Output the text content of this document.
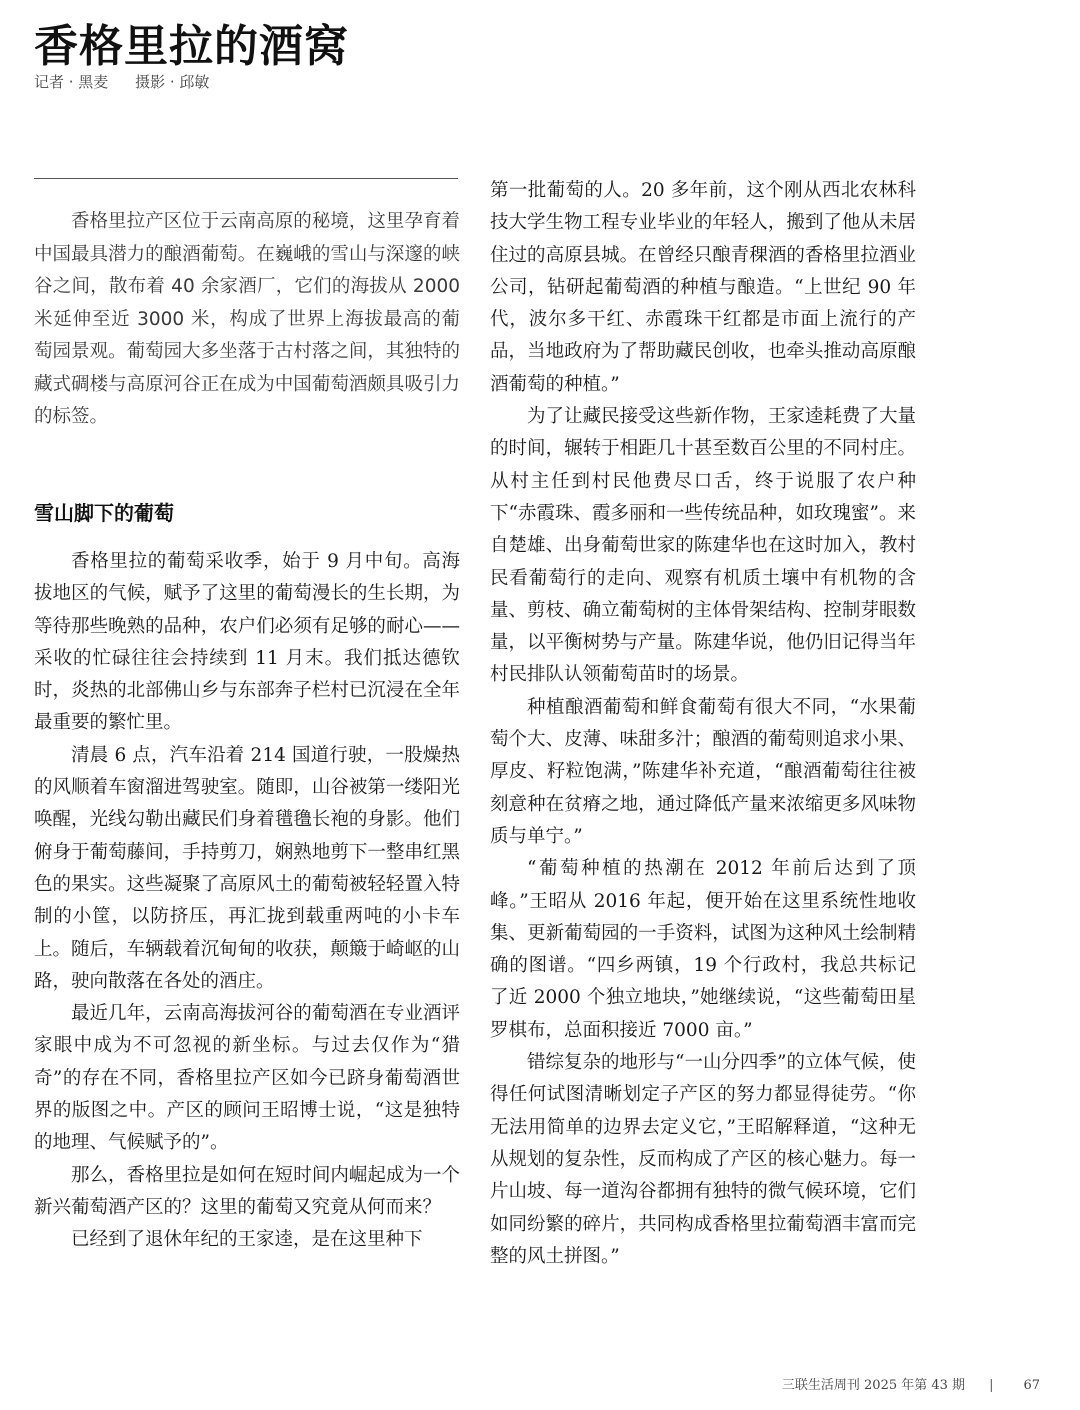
香格里拉的酒窝
记者 · 黑麦 摄影 · 邱敏

香格里拉产区位于云南高原的秘境，这里孕育着中国最具潜力的酿酒葡萄。在巍峨的雪山与深邃的峡谷之间，散布着 40 余家酒厂，它们的海拔从 2000 米延伸至近 3000 米，构成了世界上海拔最高的葡萄园景观。葡萄园大多坐落于古村落之间，其独特的藏式碉楼与高原河谷正在成为中国葡萄酒颇具吸引力的标签。

雪山脚下的葡萄

香格里拉的葡萄采收季，始于 9 月中旬。高海拔地区的气候，赋予了这里的葡萄漫长的生长期，为等待那些晚熟的品种，农户们必须有足够的耐心——采收的忙碌往往会持续到 11 月末。我们抵达德钦时，炎热的北部佛山乡与东部奔子栏村已沉浸在全年最重要的繁忙里。

清晨 6 点，汽车沿着 214 国道行驶，一股燥热的风顺着车窗溜进驾驶室。随即，山谷被第一缕阳光唤醒，光线勾勒出藏民们身着氆氇长袍的身影。他们俯身于葡萄藤间，手持剪刀，娴熟地剪下一整串红黑色的果实。这些凝聚了高原风土的葡萄被轻轻置入特制的小筐，以防挤压，再汇拢到载重两吨的小卡车上。随后，车辆载着沉甸甸的收获，颠簸于崎岖的山路，驶向散落在各处的酒庄。

最近几年，云南高海拔河谷的葡萄酒在专业酒评家眼中成为不可忽视的新坐标。与过去仅作为“猎奇”的存在不同，香格里拉产区如今已跻身葡萄酒世界的版图之中。产区的顾问王昭博士说，“这是独特的地理、气候赋予的”。

那么，香格里拉是如何在短时间内崛起成为一个新兴葡萄酒产区的？这里的葡萄又究竟从何而来？

已经到了退休年纪的王家逵，是在这里种下

第一批葡萄的人。20 多年前，这个刚从西北农林科技大学生物工程专业毕业的年轻人，搬到了他从未居住过的高原县城。在曾经只酿青稞酒的香格里拉酒业公司，钻研起葡萄酒的种植与酿造。“上世纪 90 年代，波尔多干红、赤霞珠干红都是市面上流行的产品，当地政府为了帮助藏民创收，也牵头推动高原酿酒葡萄的种植。”

为了让藏民接受这些新作物，王家逵耗费了大量的时间，辗转于相距几十甚至数百公里的不同村庄。从村主任到村民他费尽口舌，终于说服了农户种下“赤霞珠、霞多丽和一些传统品种，如玫瑰蜜”。来自楚雄、出身葡萄世家的陈建华也在这时加入，教村民看葡萄行的走向、观察有机质土壤中有机物的含量、剪枝、确立葡萄树的主体骨架结构、控制芽眼数量，以平衡树势与产量。陈建华说，他仍旧记得当年村民排队认领葡萄苗时的场景。

种植酿酒葡萄和鲜食葡萄有很大不同，“水果葡萄个大、皮薄、味甜多汁；酿酒的葡萄则追求小果、厚皮、籽粒饱满，”陈建华补充道，“酿酒葡萄往往被刻意种在贫瘠之地，通过降低产量来浓缩更多风味物质与单宁。”

“葡萄种植的热潮在 2012 年前后达到了顶峰。”王昭从 2016 年起，便开始在这里系统性地收集、更新葡萄园的一手资料，试图为这种风土绘制精确的图谱。“四乡两镇，19 个行政村，我总共标记了近 2000 个独立地块，”她继续说，“这些葡萄田星罗棋布，总面积接近 7000 亩。”

错综复杂的地形与“一山分四季”的立体气候，使得任何试图清晰划定子产区的努力都显得徒劳。“你无法用简单的边界去定义它，”王昭解释道，“这种无从规划的复杂性，反而构成了产区的核心魅力。每一片山坡、每一道沟谷都拥有独特的微气候环境，它们如同纷繁的碎片，共同构成香格里拉葡萄酒丰富而完整的风土拼图。”

三联生活周刊 2025 年第 43 期 | 67
